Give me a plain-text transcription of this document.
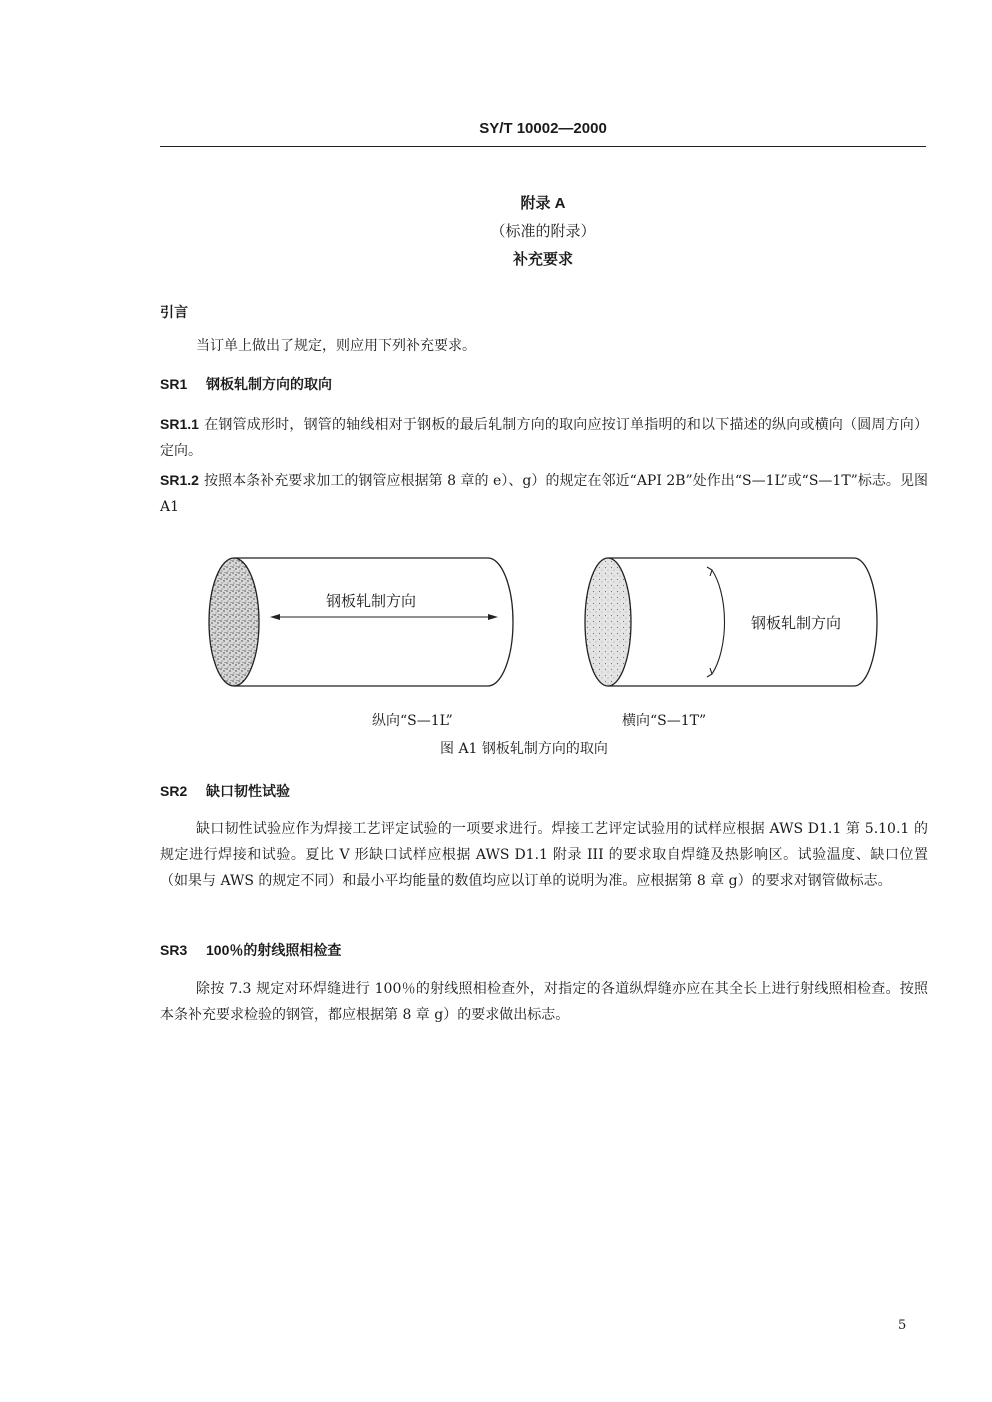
SY/T 10002—2000
附录 A
（标准的附录）
补充要求
引言
当订单上做出了规定，则应用下列补充要求。
SR1 钢板轧制方向的取向
SR1.1 在钢管成形时，钢管的轴线相对于钢板的最后轧制方向的取向应按订单指明的和以下描述的纵向或横向（圆周方向）定向。
SR1.2 按照本条补充要求加工的钢管应根据第 8 章的 e）、g）的规定在邻近“API 2B”处作出“S—1L”或“S—1T”标志。见图 A1
钢板轧制方向
钢板轧制方向
纵向“S—1L”	横向“S—1T”
图 A1 钢板轧制方向的取向
SR2 缺口韧性试验
缺口韧性试验应作为焊接工艺评定试验的一项要求进行。焊接工艺评定试验用的试样应根据 AWS D1.1 第 5.10.1 的规定进行焊接和试验。夏比 V 形缺口试样应根据 AWS D1.1 附录 III 的要求取自焊缝及热影响区。试验温度、缺口位置（如果与 AWS 的规定不同）和最小平均能量的数值均应以订单的说明为准。应根据第 8 章 g）的要求对钢管做标志。
SR3 100％的射线照相检查
除按 7.3 规定对环焊缝进行 100％的射线照相检查外，对指定的各道纵焊缝亦应在其全长上进行射线照相检查。按照本条补充要求检验的钢管，都应根据第 8 章 g）的要求做出标志。
5
